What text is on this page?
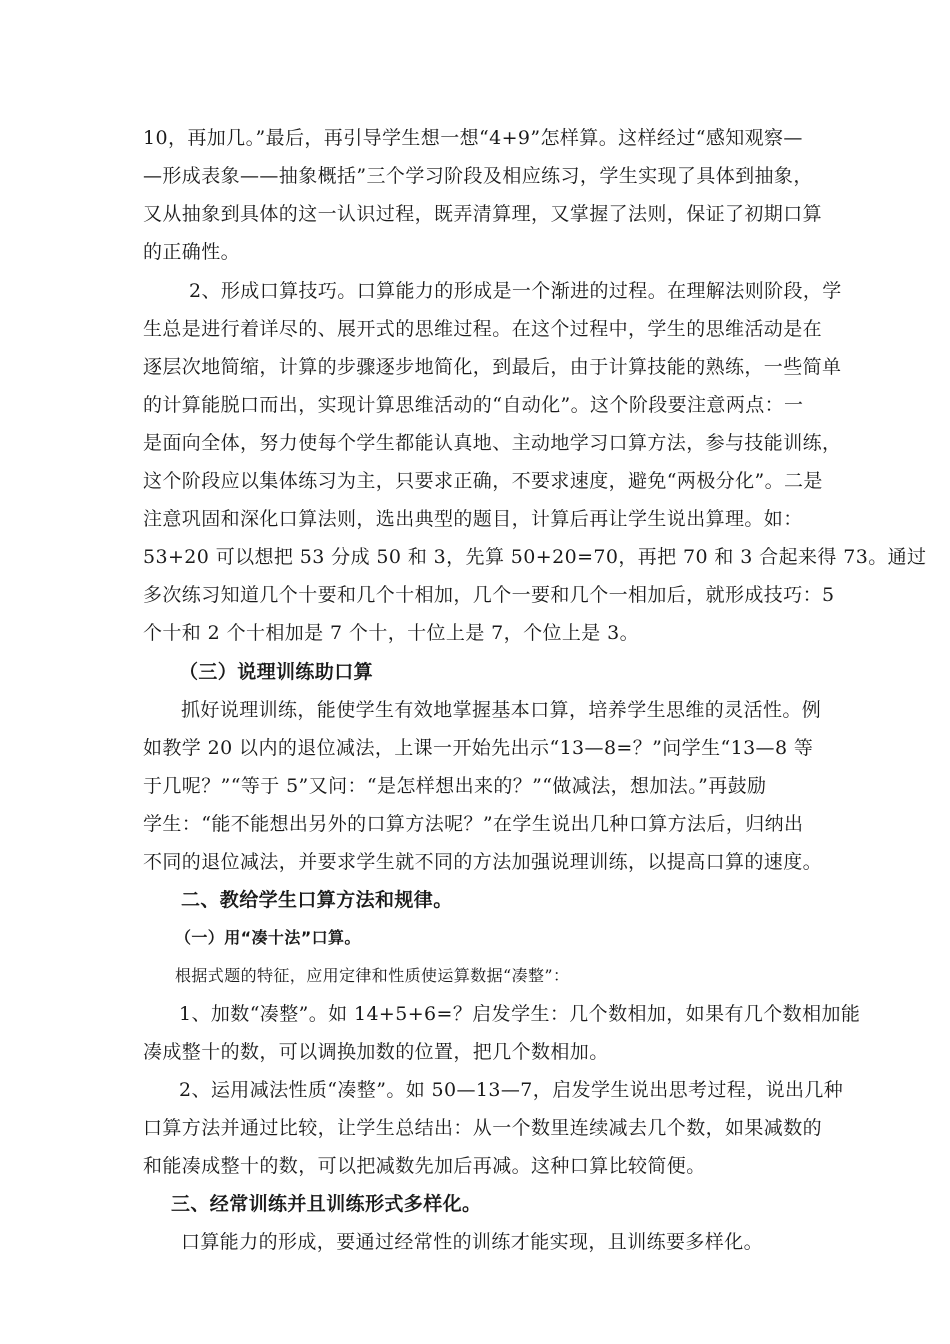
10，再加几。”最后，再引导学生想一想“4+9”怎样算。这样经过“感知观察—
—形成表象——抽象概括”三个学习阶段及相应练习，学生实现了具体到抽象，
又从抽象到具体的这一认识过程，既弄清算理，又掌握了法则，保证了初期口算
的正确性。
2、形成口算技巧。口算能力的形成是一个渐进的过程。在理解法则阶段，学
生总是进行着详尽的、展开式的思维过程。在这个过程中，学生的思维活动是在
逐层次地简缩，计算的步骤逐步地简化，到最后，由于计算技能的熟练，一些简单
的计算能脱口而出，实现计算思维活动的“自动化”。这个阶段要注意两点：一
是面向全体，努力使每个学生都能认真地、主动地学习口算方法，参与技能训练，
这个阶段应以集体练习为主，只要求正确，不要求速度，避免“两极分化”。二是
注意巩固和深化口算法则，选出典型的题目，计算后再让学生说出算理。如：
53+20 可以想把 53 分成 50 和 3，先算 50+20=70，再把 70 和 3 合起来得 73。通过
多次练习知道几个十要和几个十相加，几个一要和几个一相加后，就形成技巧：5
个十和 2 个十相加是 7 个十，十位上是 7，个位上是 3。
（三）说理训练助口算
抓好说理训练，能使学生有效地掌握基本口算，培养学生思维的灵活性。例
如教学 20 以内的退位减法，上课一开始先出示“13—8=？”问学生“13—8 等
于几呢？”“等于 5”又问：“是怎样想出来的？”“做减法，想加法。”再鼓励
学生：“能不能想出另外的口算方法呢？”在学生说出几种口算方法后，归纳出
不同的退位减法，并要求学生就不同的方法加强说理训练，以提高口算的速度。
二、教给学生口算方法和规律。
（一）用“凑十法”口算。
根据式题的特征，应用定律和性质使运算数据“凑整”：
1、加数“凑整”。如 14+5+6=？启发学生：几个数相加，如果有几个数相加能
凑成整十的数，可以调换加数的位置，把几个数相加。
2、运用减法性质“凑整”。如 50—13—7，启发学生说出思考过程，说出几种
口算方法并通过比较，让学生总结出：从一个数里连续减去几个数，如果减数的
和能凑成整十的数，可以把减数先加后再减。这种口算比较简便。
三、经常训练并且训练形式多样化。
口算能力的形成，要通过经常性的训练才能实现，且训练要多样化。
